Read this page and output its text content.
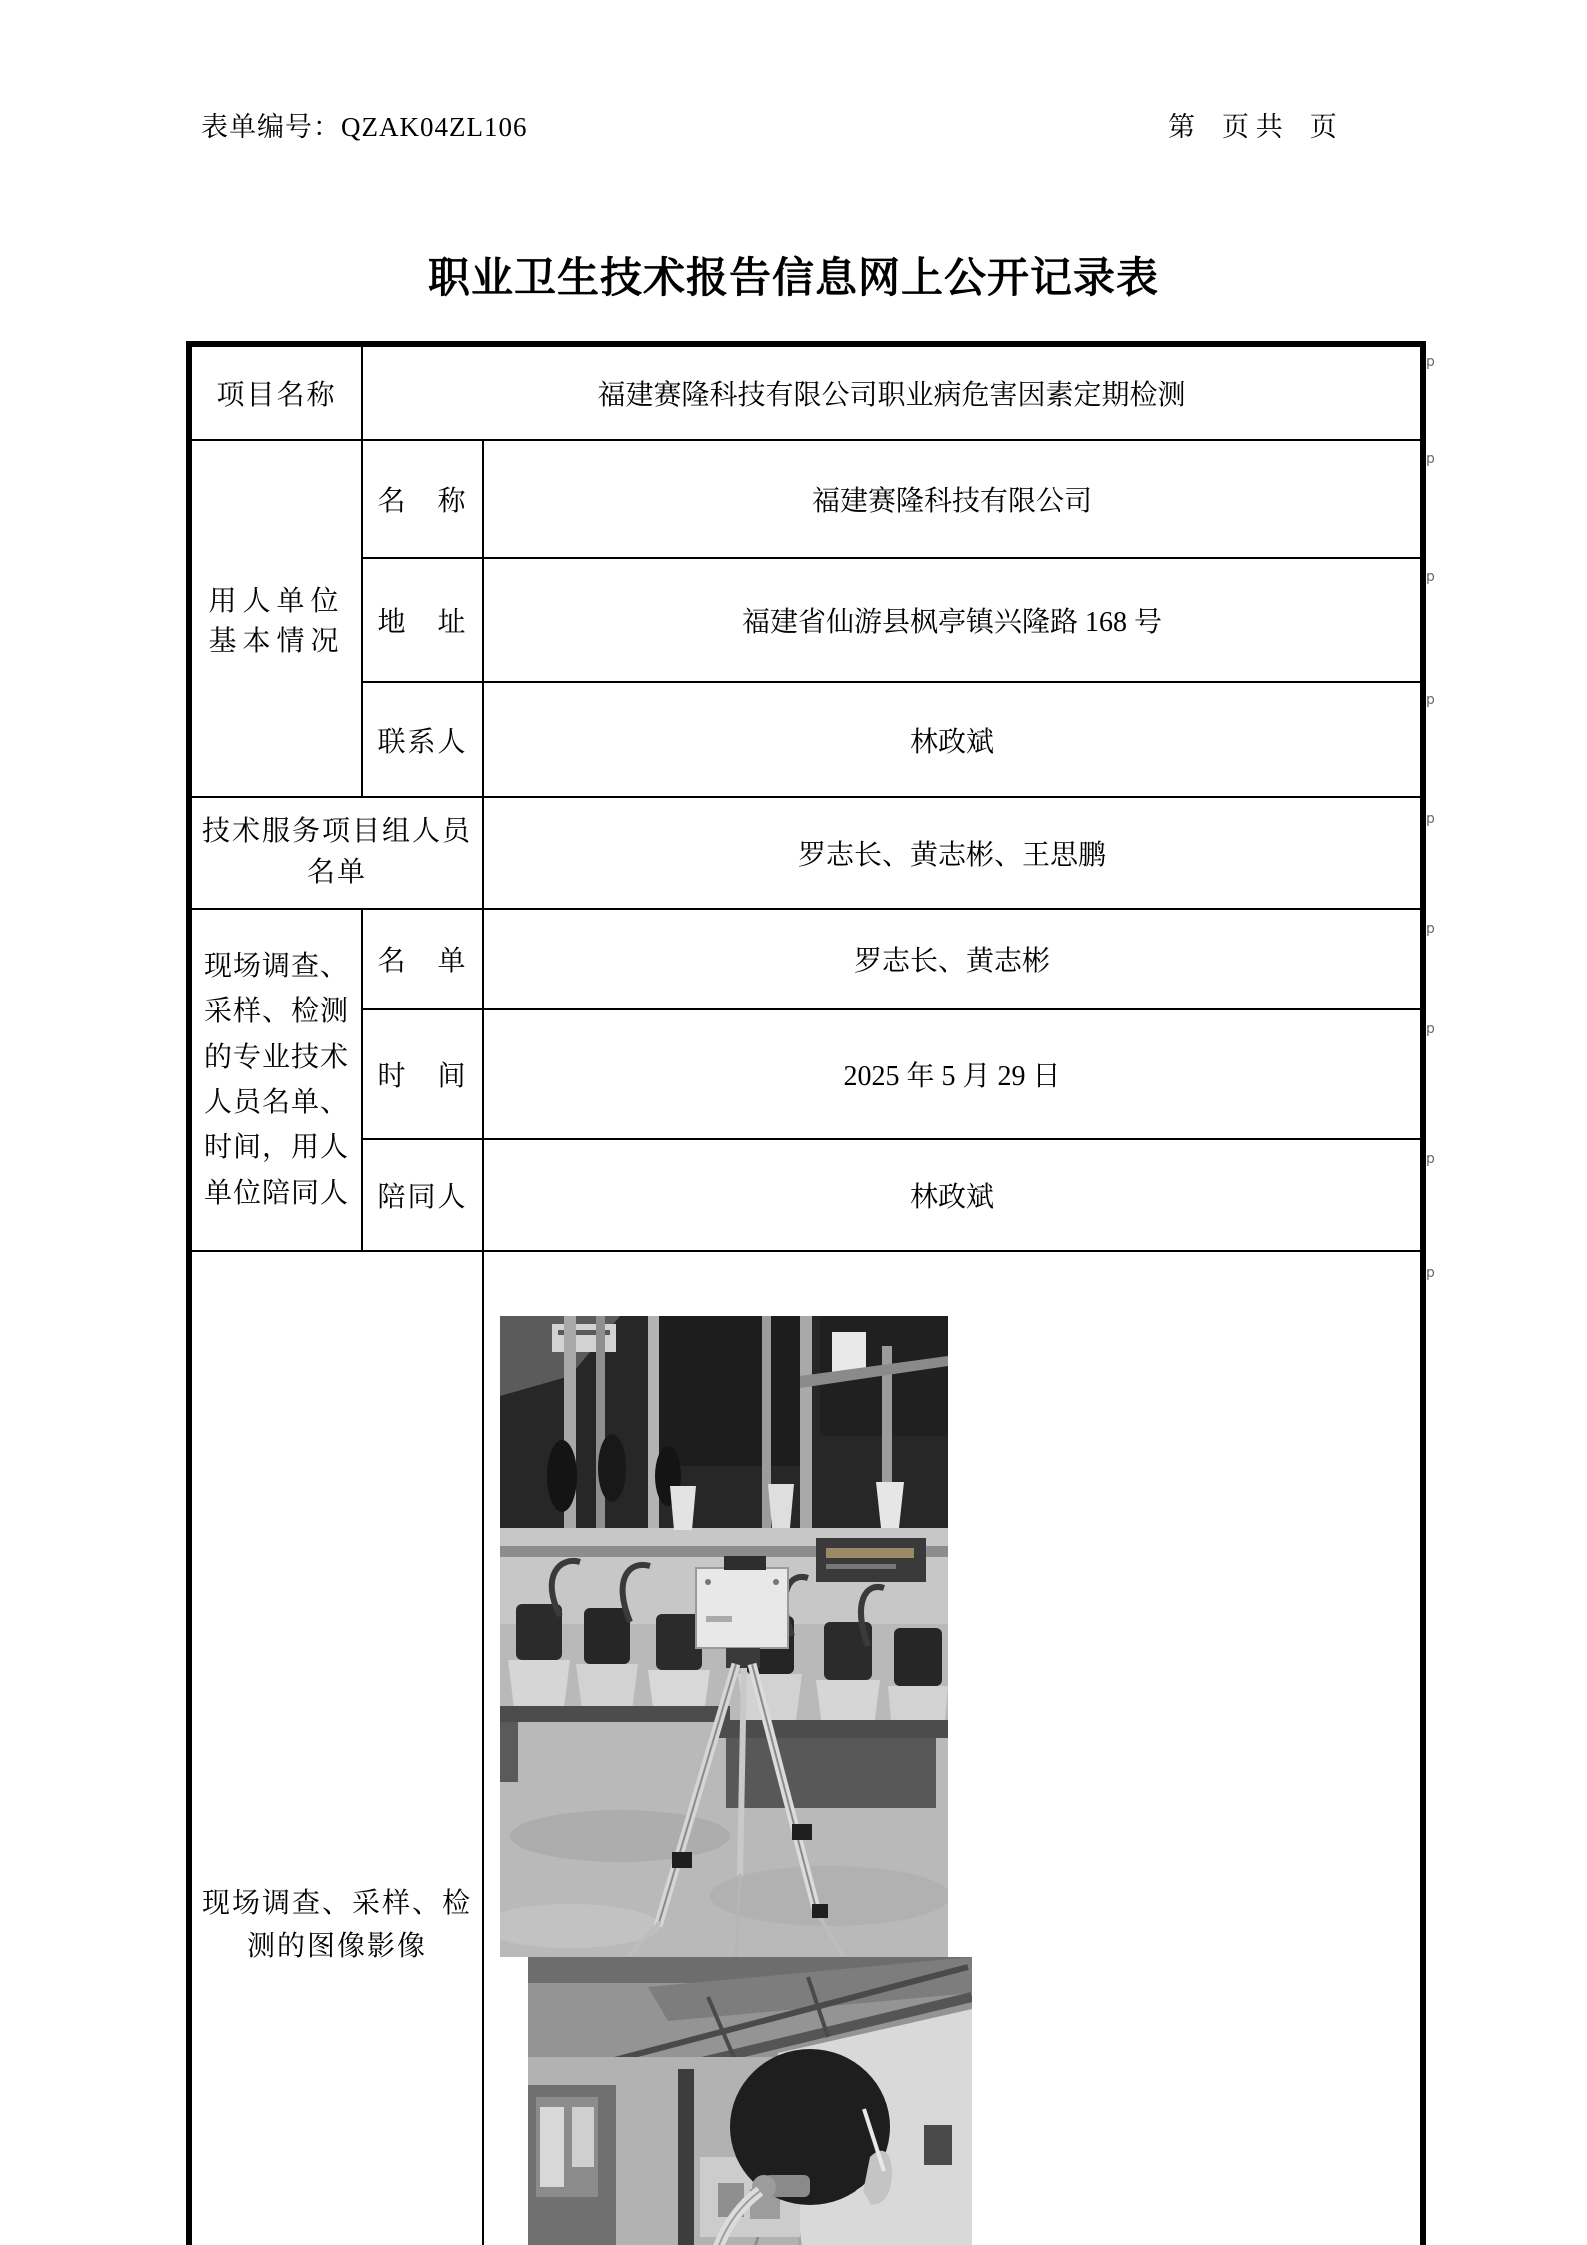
表单编号：QZAK04ZL106	第　页 共　页
职业卫生技术报告信息网上公开记录表
项目名称	福建赛隆科技有限公司职业病危害因素定期检测	
用人单位基本情况	名　称	福建赛隆科技有限公司
	地　址	福建省仙游县枫亭镇兴隆路 168 号
	联系人	林政斌
技术服务项目组人员名单		罗志长、黄志彬、王思鹏
现场调查、采样、检测的专业技术人员名单、时间，用人单位陪同人	名　单	罗志长、黄志彬
	时　间	2025 年 5 月 29 日
	陪同人	林政斌
现场调查、采样、检测的图像影像	
p
p
p
p
p
p
p
p
p
